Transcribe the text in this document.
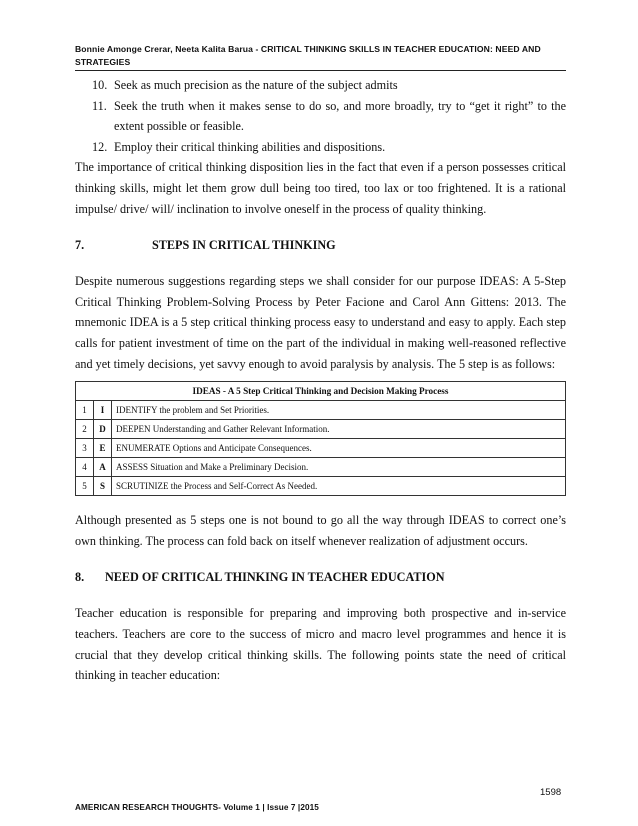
Bonnie Amonge Crerar, Neeta Kalita Barua - CRITICAL THINKING SKILLS IN TEACHER EDUCATION: NEED AND STRATEGIES
10. Seek as much precision as the nature of the subject admits
11. Seek the truth when it makes sense to do so, and more broadly, try to “get it right” to the extent possible or feasible.
12. Employ their critical thinking abilities and dispositions.

The importance of critical thinking disposition lies in the fact that even if a person possesses critical thinking skills, might let them grow dull being too tired, too lax or too frightened. It is a rational impulse/ drive/ will/ inclination to involve oneself in the process of quality thinking.

7.	STEPS IN CRITICAL THINKING

Despite numerous suggestions regarding steps we shall consider for our purpose IDEAS: A 5-Step Critical Thinking Problem-Solving Process by Peter Facione and Carol Ann Gittens: 2013. The mnemonic IDEA is a 5 step critical thinking process easy to understand and easy to apply. Each step calls for patient investment of time on the part of the individual in making well-reasoned reflective and yet timely decisions, yet savvy enough to avoid paralysis by analysis. The 5 step is as follows:

IDEAS - A 5 Step Critical Thinking and Decision Making Process		
1	I	IDENTIFY the problem and Set Priorities.
2	D	DEEPEN Understanding and Gather Relevant Information.
3	E	ENUMERATE Options and Anticipate Consequences.
4	A	ASSESS Situation and Make a Preliminary Decision.
5	S	SCRUTINIZE the Process and Self-Correct As Needed.

Although presented as 5 steps one is not bound to go all the way through IDEAS to correct one’s own thinking. The process can fold back on itself whenever realization of adjustment occurs.

8. NEED OF CRITICAL THINKING IN TEACHER EDUCATION

Teacher education is responsible for preparing and improving both prospective and in-service teachers. Teachers are core to the success of micro and macro level programmes and hence it is crucial that they develop critical thinking skills. The following points state the need of critical thinking in teacher education:

1598
AMERICAN RESEARCH THOUGHTS- Volume 1 | Issue 7 |2015
